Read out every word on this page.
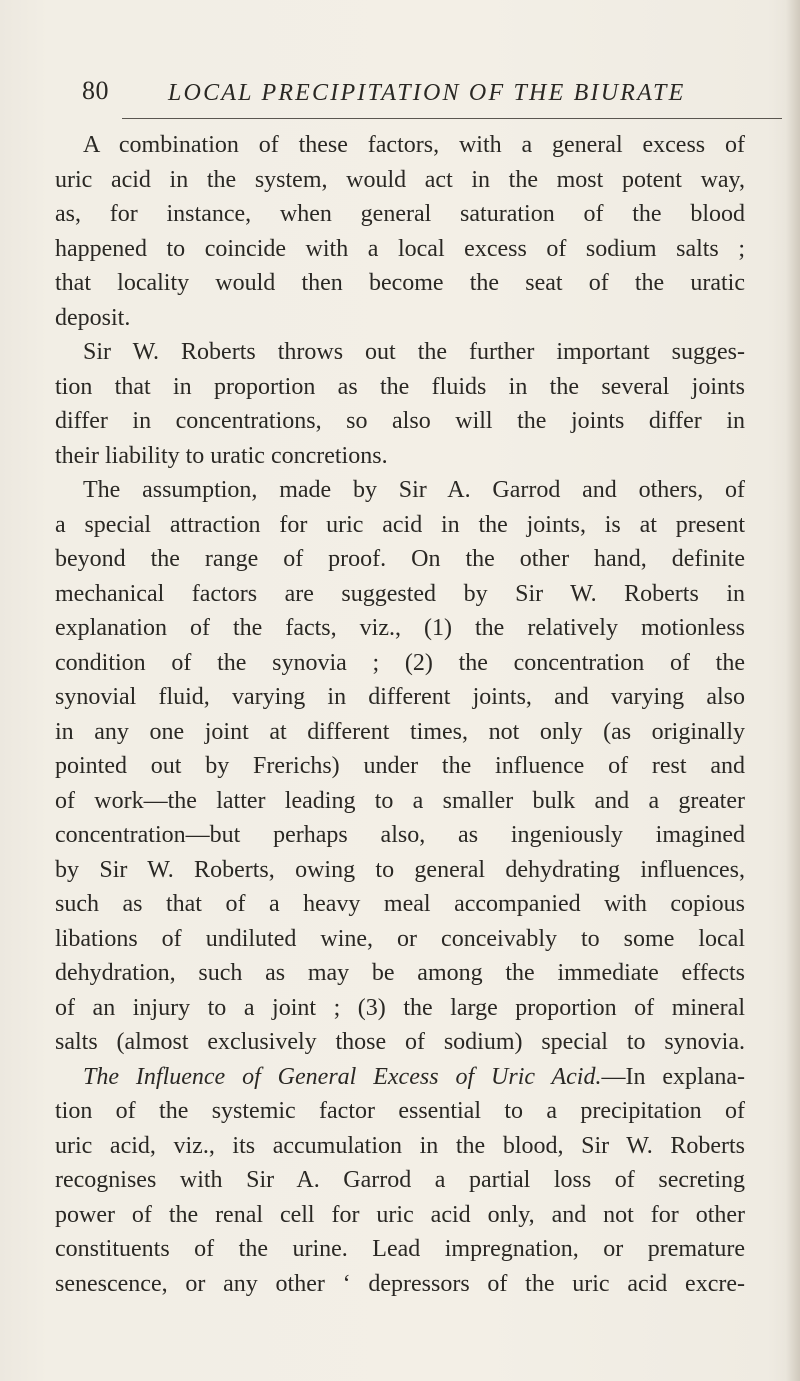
80 LOCAL PRECIPITATION OF THE BIURATE
A combination of these factors, with a general excess of
uric acid in the system, would act in the most potent way,
as, for instance, when general saturation of the blood
happened to coincide with a local excess of sodium salts ;
that locality would then become the seat of the uratic
deposit.
Sir W. Roberts throws out the further important sugges-
tion that in proportion as the fluids in the several joints
differ in concentrations, so also will the joints differ in
their liability to uratic concretions.
The assumption, made by Sir A. Garrod and others, of
a special attraction for uric acid in the joints, is at present
beyond the range of proof. On the other hand, definite
mechanical factors are suggested by Sir W. Roberts in
explanation of the facts, viz., (1) the relatively motionless
condition of the synovia ; (2) the concentration of the
synovial fluid, varying in different joints, and varying also
in any one joint at different times, not only (as originally
pointed out by Frerichs) under the influence of rest and
of work—the latter leading to a smaller bulk and a greater
concentration—but perhaps also, as ingeniously imagined
by Sir W. Roberts, owing to general dehydrating influences,
such as that of a heavy meal accompanied with copious
libations of undiluted wine, or conceivably to some local
dehydration, such as may be among the immediate effects
of an injury to a joint ; (3) the large proportion of mineral
salts (almost exclusively those of sodium) special to synovia.
The Influence of General Excess of Uric Acid.—In explana-
tion of the systemic factor essential to a precipitation of
uric acid, viz., its accumulation in the blood, Sir W. Roberts
recognises with Sir A. Garrod a partial loss of secreting
power of the renal cell for uric acid only, and not for other
constituents of the urine. Lead impregnation, or premature
senescence, or any other ‘ depressors of the uric acid excre-
